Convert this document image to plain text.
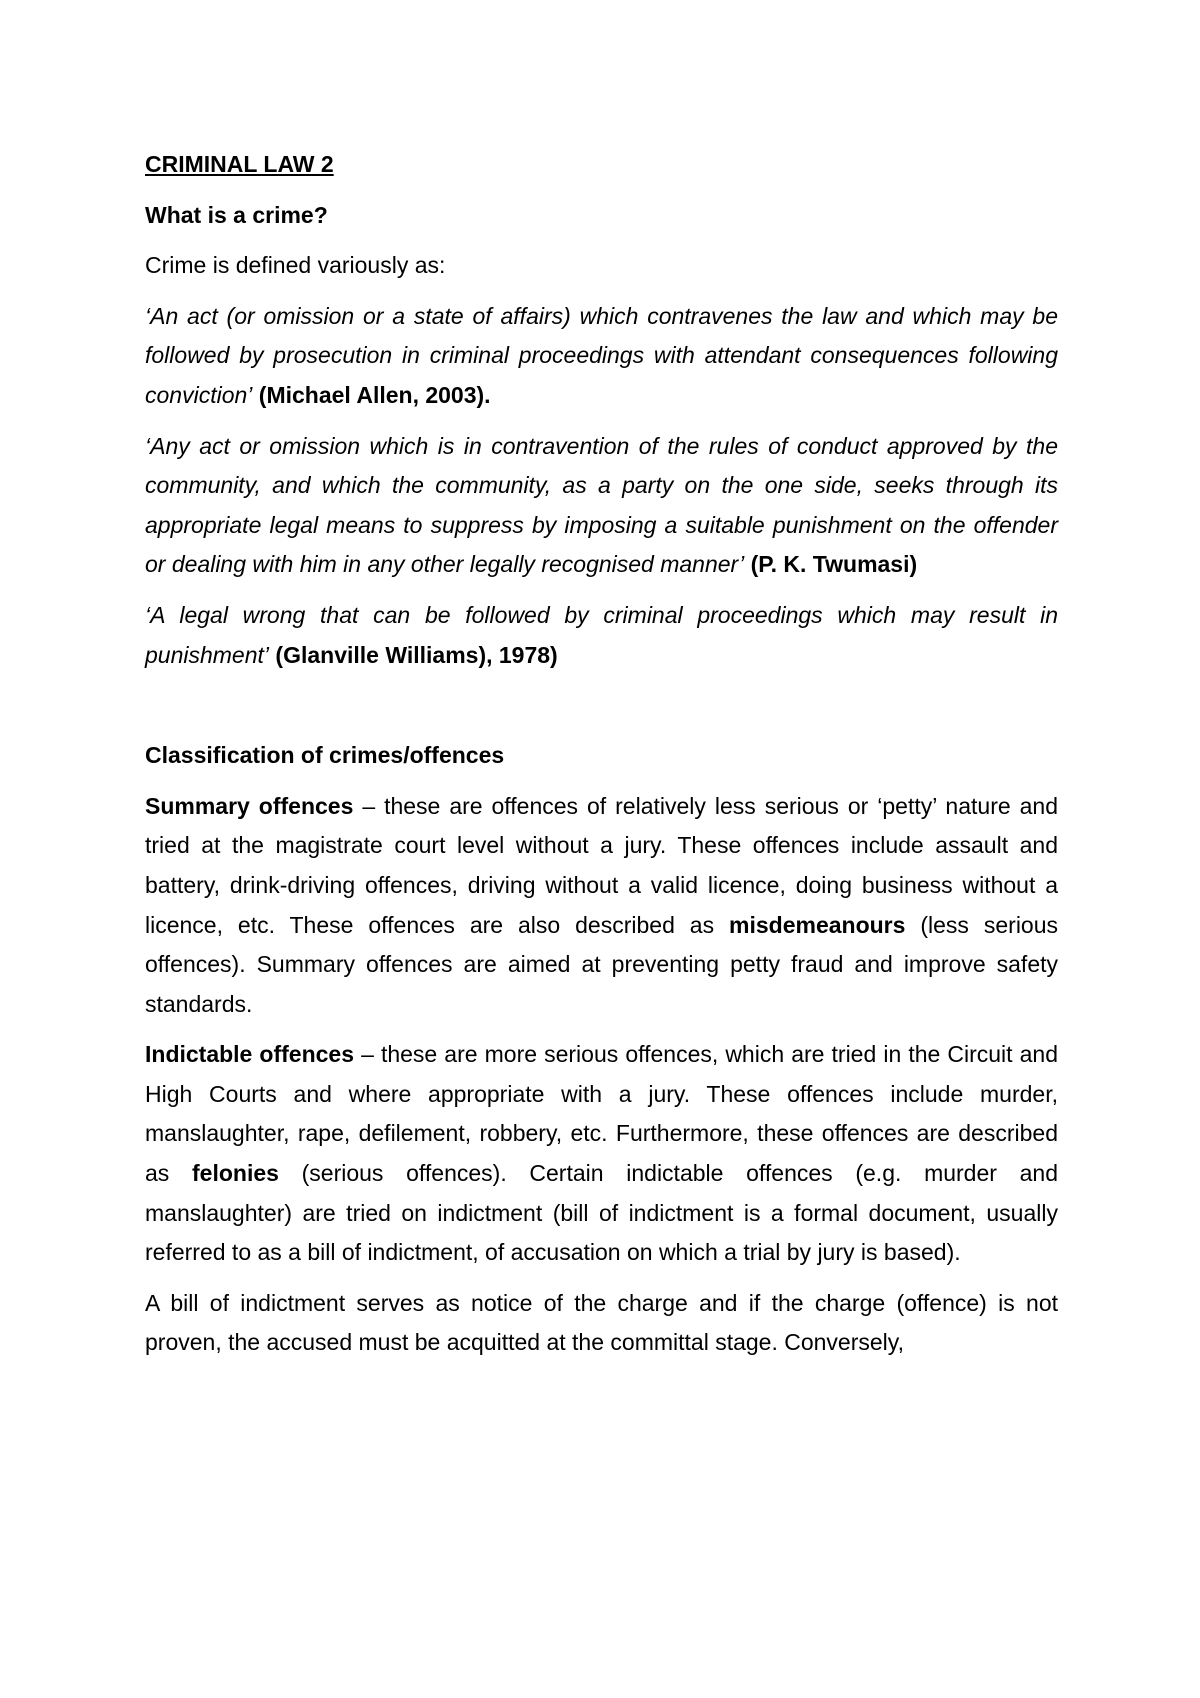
CRIMINAL LAW 2
What is a crime?

Crime is defined variously as:

‘An act (or omission or a state of affairs) which contravenes the law and which may be followed by prosecution in criminal proceedings with attendant consequences following conviction’ (Michael Allen, 2003).

‘Any act or omission which is in contravention of the rules of conduct approved by the community, and which the community, as a party on the one side, seeks through its appropriate legal means to suppress by imposing a suitable punishment on the offender or dealing with him in any other legally recognised manner’ (P. K. Twumasi)

‘A legal wrong that can be followed by criminal proceedings which may result in punishment’ (Glanville Williams), 1978)

Classification of crimes/offences

Summary offences – these are offences of relatively less serious or ‘petty’ nature and tried at the magistrate court level without a jury. These offences include assault and battery, drink-driving offences, driving without a valid licence, doing business without a licence, etc. These offences are also described as misdemeanours (less serious offences). Summary offences are aimed at preventing petty fraud and improve safety standards.

Indictable offences – these are more serious offences, which are tried in the Circuit and High Courts and where appropriate with a jury. These offences include murder, manslaughter, rape, defilement, robbery, etc. Furthermore, these offences are described as felonies (serious offences). Certain indictable offences (e.g. murder and manslaughter) are tried on indictment (bill of indictment is a formal document, usually referred to as a bill of indictment, of accusation on which a trial by jury is based).

A bill of indictment serves as notice of the charge and if the charge (offence) is not proven, the accused must be acquitted at the committal stage. Conversely,
